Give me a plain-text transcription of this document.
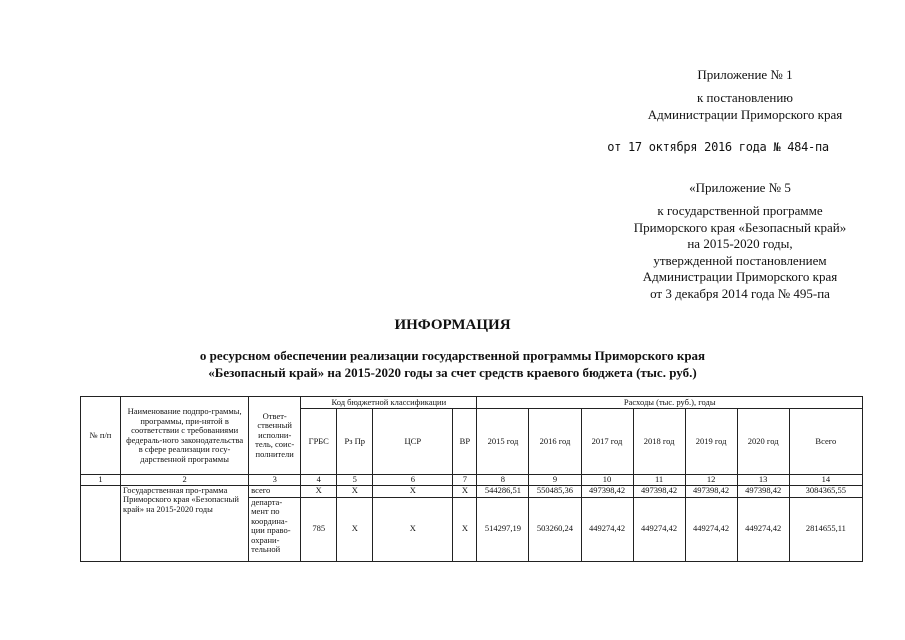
Приложение № 1
к постановлению
Администрации Приморского края
от 17 октября 2016 года № 484-па
«Приложение № 5
к государственной программе
Приморского края «Безопасный край»
на 2015-2020 годы,
утвержденной постановлением
Администрации Приморского края
от 3 декабря 2014 года № 495-па
ИНФОРМАЦИЯ
о ресурсном обеспечении реализации государственной программы Приморского края
«Безопасный край» на 2015-2020 годы за счет средств краевого бюджета (тыс. руб.)
№ п/п	Наименование подпро-граммы, программы, при-нятой в соответствии с требованиями федераль-ного законодательства в сфере реализации госу-дарственной программы	Ответ-ственный исполни-тель, соис-полнители	Код бюджетной классификации				Расходы (тыс. руб.), годы						
			ГРБС	Рз Пр	ЦСР	ВР	2015 год	2016 год	2017 год	2018 год	2019 год	2020 год	Всего
1	2	3	4	5	6	7	8	9	10	11	12	13	14
	Государственная про-грамма Приморского края «Безопасный край» на 2015-2020 годы	всего	X	X	X	X	544286,51	550485,36	497398,42	497398,42	497398,42	497398,42	3084365,55
		департа-мент по координа-ции право-охрани-тельной	785	X	X	X	514297,19	503260,24	449274,42	449274,42	449274,42	449274,42	2814655,11
